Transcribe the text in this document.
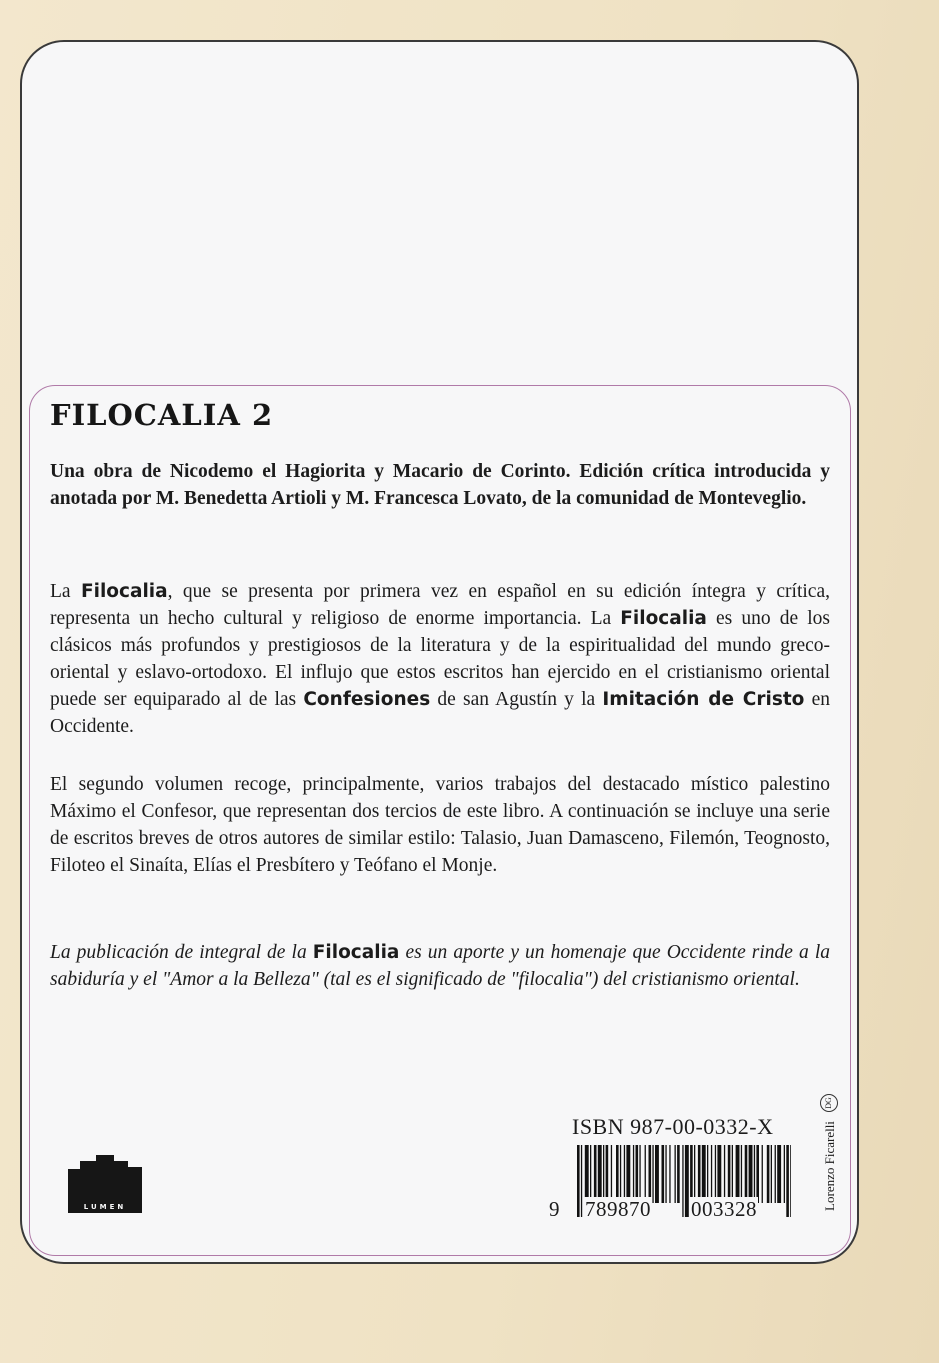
FILOCALIA 2

Una obra de Nicodemo el Hagiorita y Macario de Corinto. Edición crítica introducida y anotada por M. Benedetta Artioli y M. Francesca Lovato, de la comunidad de Monteveglio.

La Filocalia, que se presenta por primera vez en español en su edición íntegra y crítica, representa un hecho cultural y religioso de enorme importancia. La Filocalia es uno de los clásicos más profundos y prestigiosos de la literatura y de la espiritualidad del mundo greco-oriental y eslavo-ortodoxo. El influjo que estos escritos han ejercido en el cristianismo oriental puede ser equiparado al de las Confesiones de san Agustín y la Imitación de Cristo en Occidente.

El segundo volumen recoge, principalmente, varios trabajos del destacado místico palestino Máximo el Confesor, que representan dos tercios de este libro. A continuación se incluye una serie de escritos breves de otros autores de similar estilo: Talasio, Juan Damasceno, Filemón, Teognosto, Filoteo el Sinaíta, Elías el Presbítero y Teófano el Monje.

La publicación de integral de la Filocalia es un aporte y un homenaje que Occidente rinde a la sabiduría y el "Amor a la Belleza" (tal es el significado de "filocalia") del cristianismo oriental.

LUMEN
ISBN 987-00-0332-X
9 789870 003328
DG
Lorenzo Ficarelli
